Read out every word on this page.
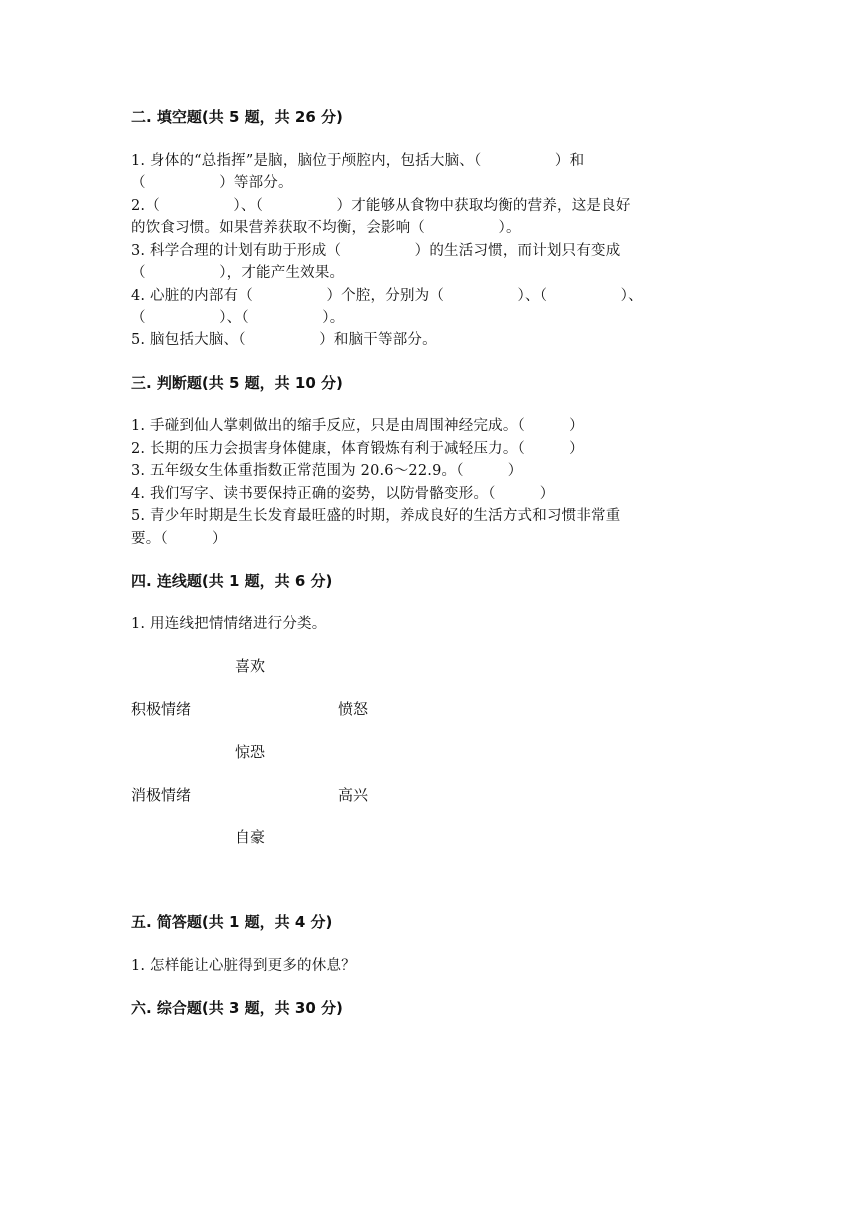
二. 填空题(共 5 题，共 26 分)
1. 身体的“总指挥”是脑，脑位于颅腔内，包括大脑、（　　　　　）和
（　　　　　）等部分。
2.（　　　　　）、（　　　　　）才能够从食物中获取均衡的营养，这是良好
的饮食习惯。如果营养获取不均衡，会影响（　　　　　）。
3. 科学合理的计划有助于形成（　　　　　）的生活习惯，而计划只有变成
（　　　　　），才能产生效果。
4. 心脏的内部有（　　　　　）个腔，分别为（　　　　　）、（　　　　　）、
（　　　　　）、（　　　　　）。
5. 脑包括大脑、（　　　　　）和脑干等部分。
三. 判断题(共 5 题，共 10 分)
1. 手碰到仙人掌刺做出的缩手反应，只是由周围神经完成。（　　　）
2. 长期的压力会损害身体健康，体育锻炼有利于减轻压力。（　　　）
3. 五年级女生体重指数正常范围为 20.6～22.9。（　　　）
4. 我们写字、读书要保持正确的姿势，以防骨骼变形。（　　　）
5. 青少年时期是生长发育最旺盛的时期，养成良好的生活方式和习惯非常重
要。（　　　）
四. 连线题(共 1 题，共 6 分)
1. 用连线把情情绪进行分类。
喜欢
积极情绪	愤怒
惊恐
消极情绪	高兴
自豪
五. 简答题(共 1 题，共 4 分)
1. 怎样能让心脏得到更多的休息？
六. 综合题(共 3 题，共 30 分)
